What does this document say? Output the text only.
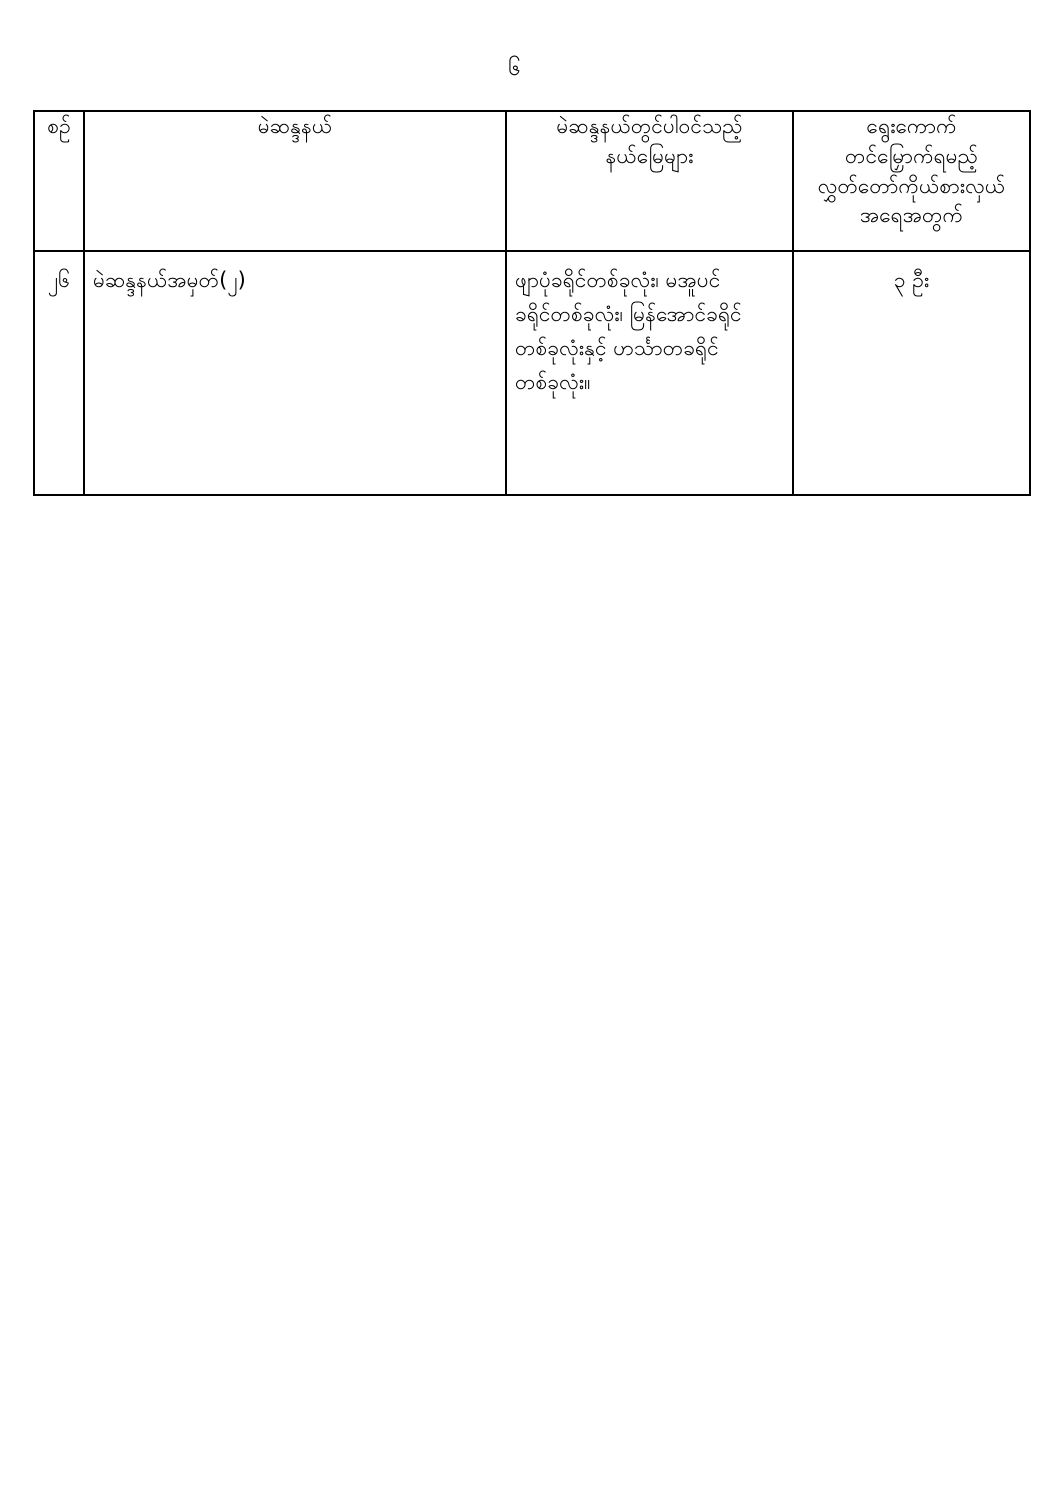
၆
စဉ်	မဲဆန္ဒနယ်	မဲဆန္ဒနယ်တွင်ပါဝင်သည့်
နယ်မြေများ	ရွေးကောက်
တင်မြှောက်ရမည့်
လွှတ်တော်ကိုယ်စားလှယ်
အရေအတွက်

၂၆	မဲဆန္ဒနယ်အမှတ်(၂)	ဖျာပုံခရိုင်တစ်ခုလုံး၊ မအူပင်
ခရိုင်တစ်ခုလုံး၊ မြန်အောင်ခရိုင်
တစ်ခုလုံးနှင့် ဟင်္သာတခရိုင်
တစ်ခုလုံး။	၃ ဦး
